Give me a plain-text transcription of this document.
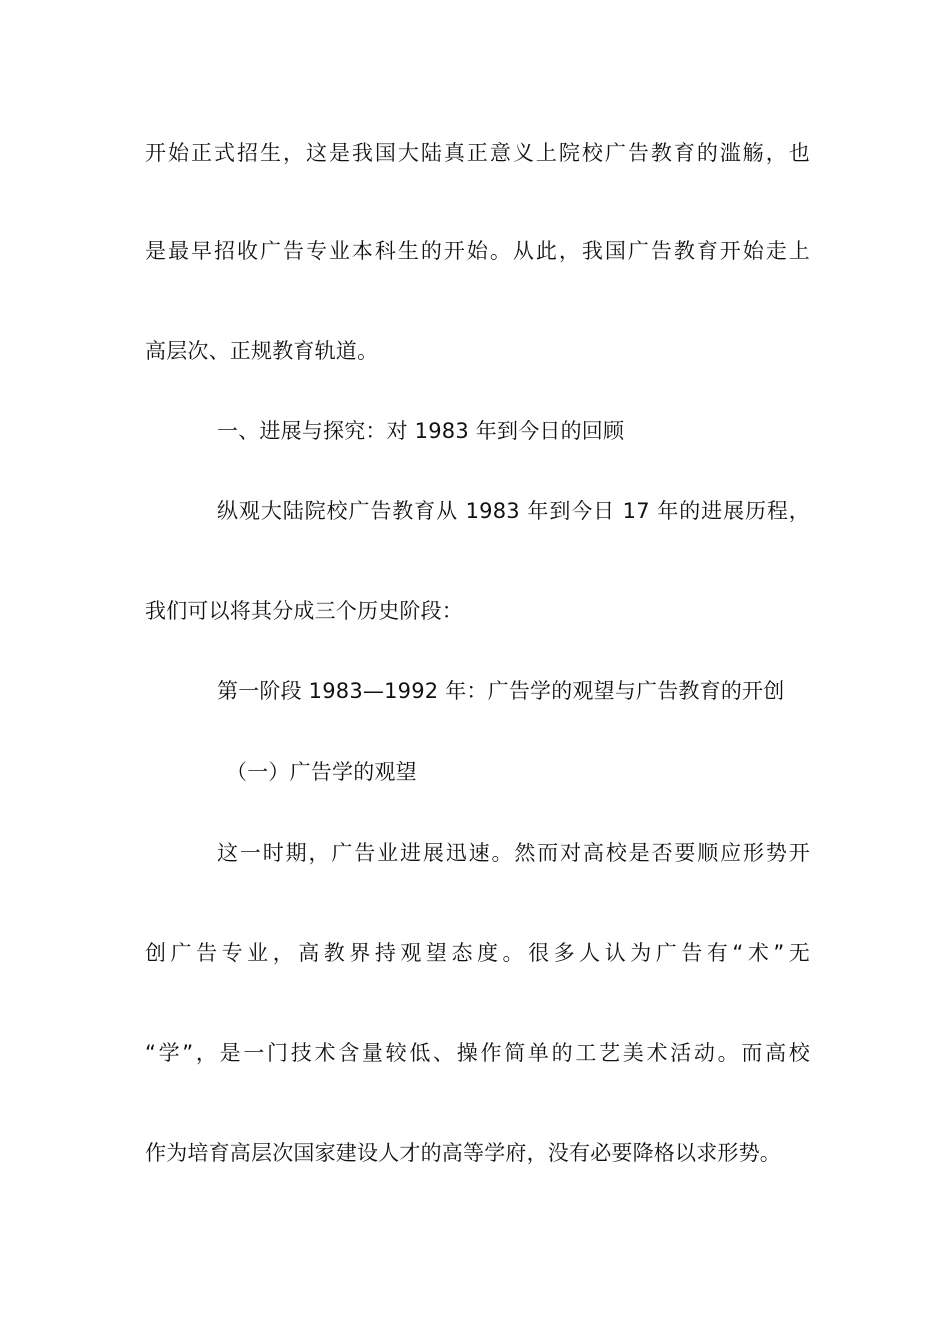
开始正式招生，这是我国大陆真正意义上院校广告教育的滥觞，也
是最早招收广告专业本科生的开始。从此，我国广告教育开始走上
高层次、正规教育轨道。
一、进展与探究：对 1983 年到今日的回顾
纵观大陆院校广告教育从 1983 年到今日 17 年的进展历程，
我们可以将其分成三个历史阶段：
第一阶段 1983—1992 年：广告学的观望与广告教育的开创
（一）广告学的观望
这一时期，广告业进展迅速。然而对高校是否要顺应形势开
创广告专业，高教界持观望态度。很多人认为广告有“术”无
“学”，是一门技术含量较低、操作简单的工艺美术活动。而高校
作为培育高层次国家建设人才的高等学府，没有必要降格以求形势。
